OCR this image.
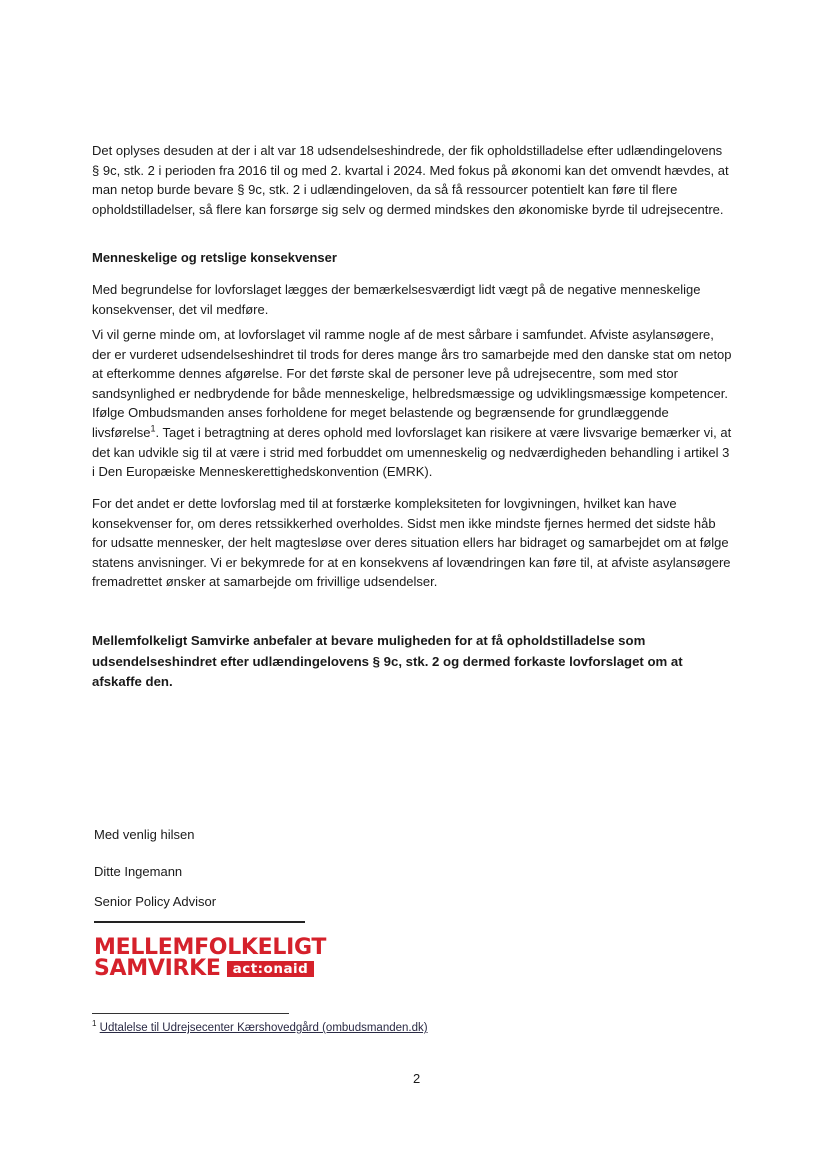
Det oplyses desuden at der i alt var 18 udsendelseshindrede, der fik opholdstilladelse efter udlændingelovens § 9c, stk. 2 i perioden fra 2016 til og med 2. kvartal i 2024. Med fokus på økonomi kan det omvendt hævdes, at man netop burde bevare § 9c, stk. 2 i udlændingeloven, da så få ressourcer potentielt kan føre til flere opholdstilladelser, så flere kan forsørge sig selv og dermed mindskes den økonomiske byrde til udrejsecentre.

Menneskelige og retslige konsekvenser

Med begrundelse for lovforslaget lægges der bemærkelsesværdigt lidt vægt på de negative menneskelige konsekvenser, det vil medføre.

Vi vil gerne minde om, at lovforslaget vil ramme nogle af de mest sårbare i samfundet. Afviste asylansøgere, der er vurderet udsendelseshindret til trods for deres mange års tro samarbejde med den danske stat om netop at efterkomme dennes afgørelse. For det første skal de personer leve på udrejsecentre, som med stor sandsynlighed er nedbrydende for både menneskelige, helbredsmæssige og udviklingsmæssige kompetencer. Ifølge Ombudsmanden anses forholdene for meget belastende og begrænsende for grundlæggende livsførelse$^1$. Taget i betragtning at deres ophold med lovforslaget kan risikere at være livsvarige bemærker vi, at det kan udvikle sig til at være i strid med forbuddet om umenneskelig og nedværdigheden behandling i artikel 3 i Den Europæiske Menneskerettighedskonvention (EMRK).

For det andet er dette lovforslag med til at forstærke kompleksiteten for lovgivningen, hvilket kan have konsekvenser for, om deres retssikkerhed overholdes. Sidst men ikke mindste fjernes hermed det sidste håb for udsatte mennesker, der helt magtesløse over deres situation ellers har bidraget og samarbejdet om at følge statens anvisninger. Vi er bekymrede for at en konsekvens af lovændringen kan føre til, at afviste asylansøgere fremadrettet ønsker at samarbejde om frivillige udsendelser.

Mellemfolkeligt Samvirke anbefaler at bevare muligheden for at få opholdstilladelse som udsendelseshindret efter udlændingelovens § 9c, stk. 2 og dermed forkaste lovforslaget om at afskaffe den.

Med venlig hilsen
Ditte Ingemann
Senior Policy Advisor
MELLEMFOLKELIGT
SAMVIRKE act:onaid
$^1$ Udtalelse til Udrejsecenter Kærshovedgård (ombudsmanden.dk)
2
